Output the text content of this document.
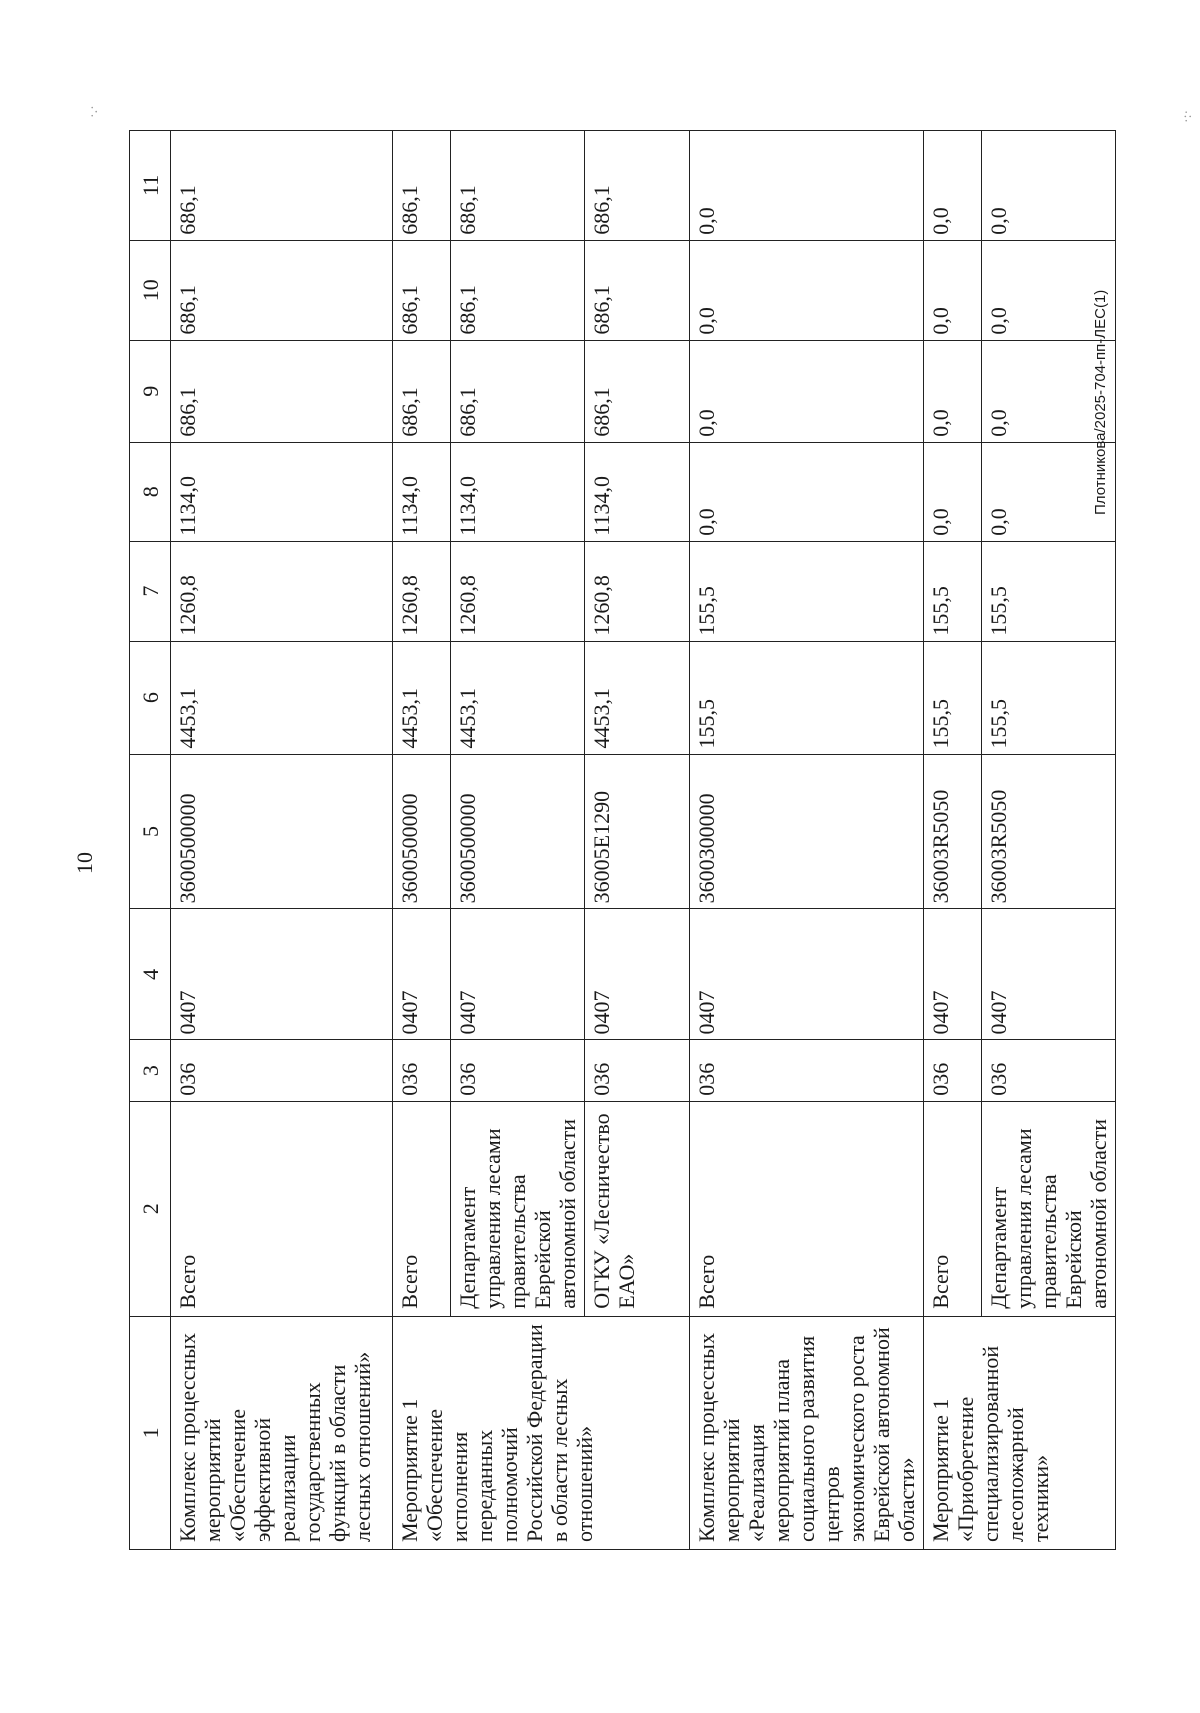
10
·.·	·:·
1	2	3	4	5	6	7	8	9	10	11
Комплекс процессных мероприятий «Обеспечение эффективной реализации государственных функций в области лесных отношений»	Всего	036	0407	3600500000	4453,1	1260,8	1134,0	686,1	686,1	686,1
Мероприятие 1 «Обеспечение исполнения переданных полномочий Российской Федерации в области лесных отношений»	Всего	036	0407	3600500000	4453,1	1260,8	1134,0	686,1	686,1	686,1
	Департамент управления лесами правительства Еврейской автономной области	036	0407	3600500000	4453,1	1260,8	1134,0	686,1	686,1	686,1
	ОГКУ «Лесничество ЕАО»	036	0407	36005Е1290	4453,1	1260,8	1134,0	686,1	686,1	686,1
Комплекс процессных мероприятий «Реализация мероприятий плана социального развития центров экономического роста Еврейской автономной области»	Всего	036	0407	3600300000	155,5	155,5	0,0	0,0	0,0	0,0
Мероприятие 1 «Приобретение специализированной лесопожарной техники»	Всего	036	0407	36003R5050	155,5	155,5	0,0	0,0	0,0	0,0
	Департамент управления лесами правительства Еврейской автономной области	036	0407	36003R5050	155,5	155,5	0,0	0,0	0,0	0,0
Плотникова/2025-704-пп-ЛЕС(1)
